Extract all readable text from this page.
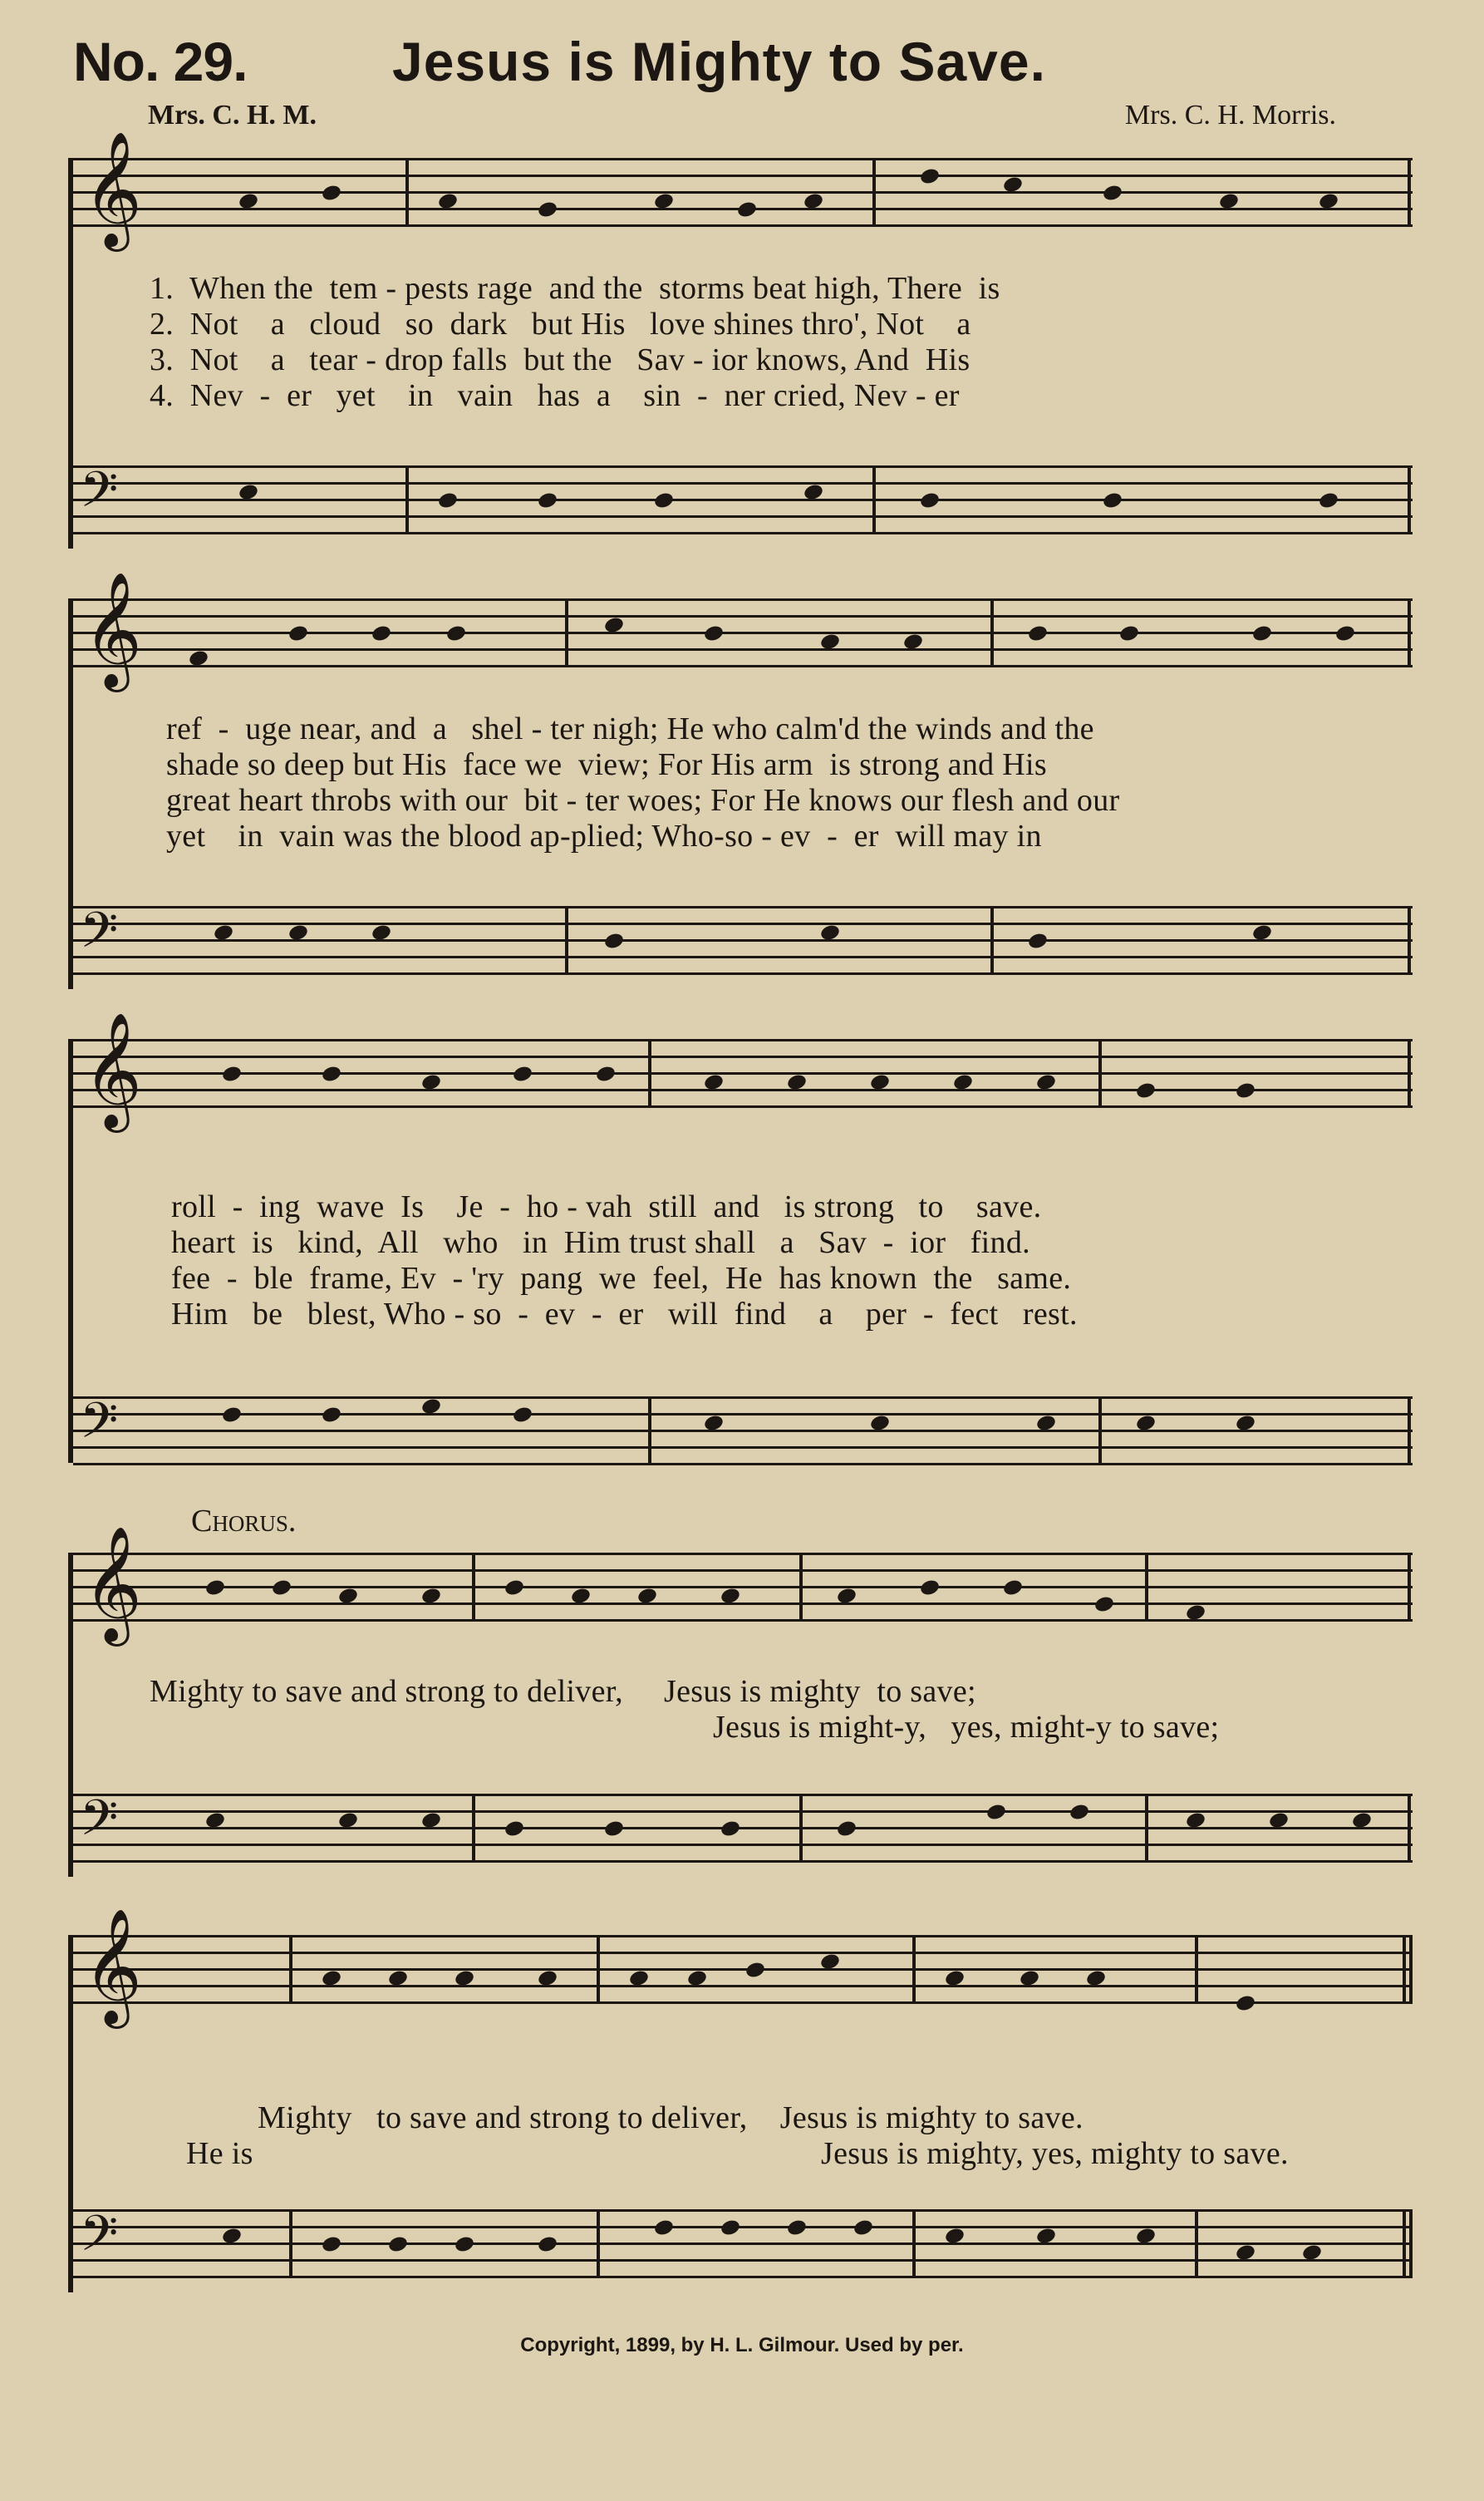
No. 29.	Jesus is Mighty to Save.
Mrs. C. H. M.	Mrs. C. H. Morris.
𝄞
1.  When the  tem - pests rage  and the  storms beat high, There  is
2.  Not    a   cloud   so  dark   but His   love shines thro', Not    a
3.  Not    a   tear - drop falls  but the   Sav - ior knows, And  His
4.  Nev  -  er   yet    in   vain   has  a    sin  -  ner cried, Nev - er
𝄢
𝄞
ref  -  uge near, and  a   shel - ter nigh; He who calm'd the winds and the
shade so deep but His  face we  view; For His arm  is strong and His
great heart throbs with our  bit - ter woes; For He knows our flesh and our
yet    in  vain was the blood ap-plied; Who-so - ev  -  er  will may in
𝄢
𝄞
roll  -  ing  wave  Is    Je  -  ho - vah  still  and   is strong   to    save.
heart  is   kind,  All   who   in  Him trust shall   a   Sav  -  ior   find.
fee  -  ble  frame, Ev  - 'ry  pang  we  feel,  He  has known  the   same.
Him   be   blest, Who - so  -  ev  -  er   will  find    a    per  -  fect   rest.
𝄢
Chorus.
𝄞
Mighty to save and strong to deliver,     Jesus is mighty  to save;
Jesus is might-y,   yes, might-y to save;
𝄢
𝄞
Mighty   to save and strong to deliver,    Jesus is mighty to save.
He is	Jesus is mighty, yes, mighty to save.
𝄢
Copyright, 1899, by H. L. Gilmour. Used by per.
